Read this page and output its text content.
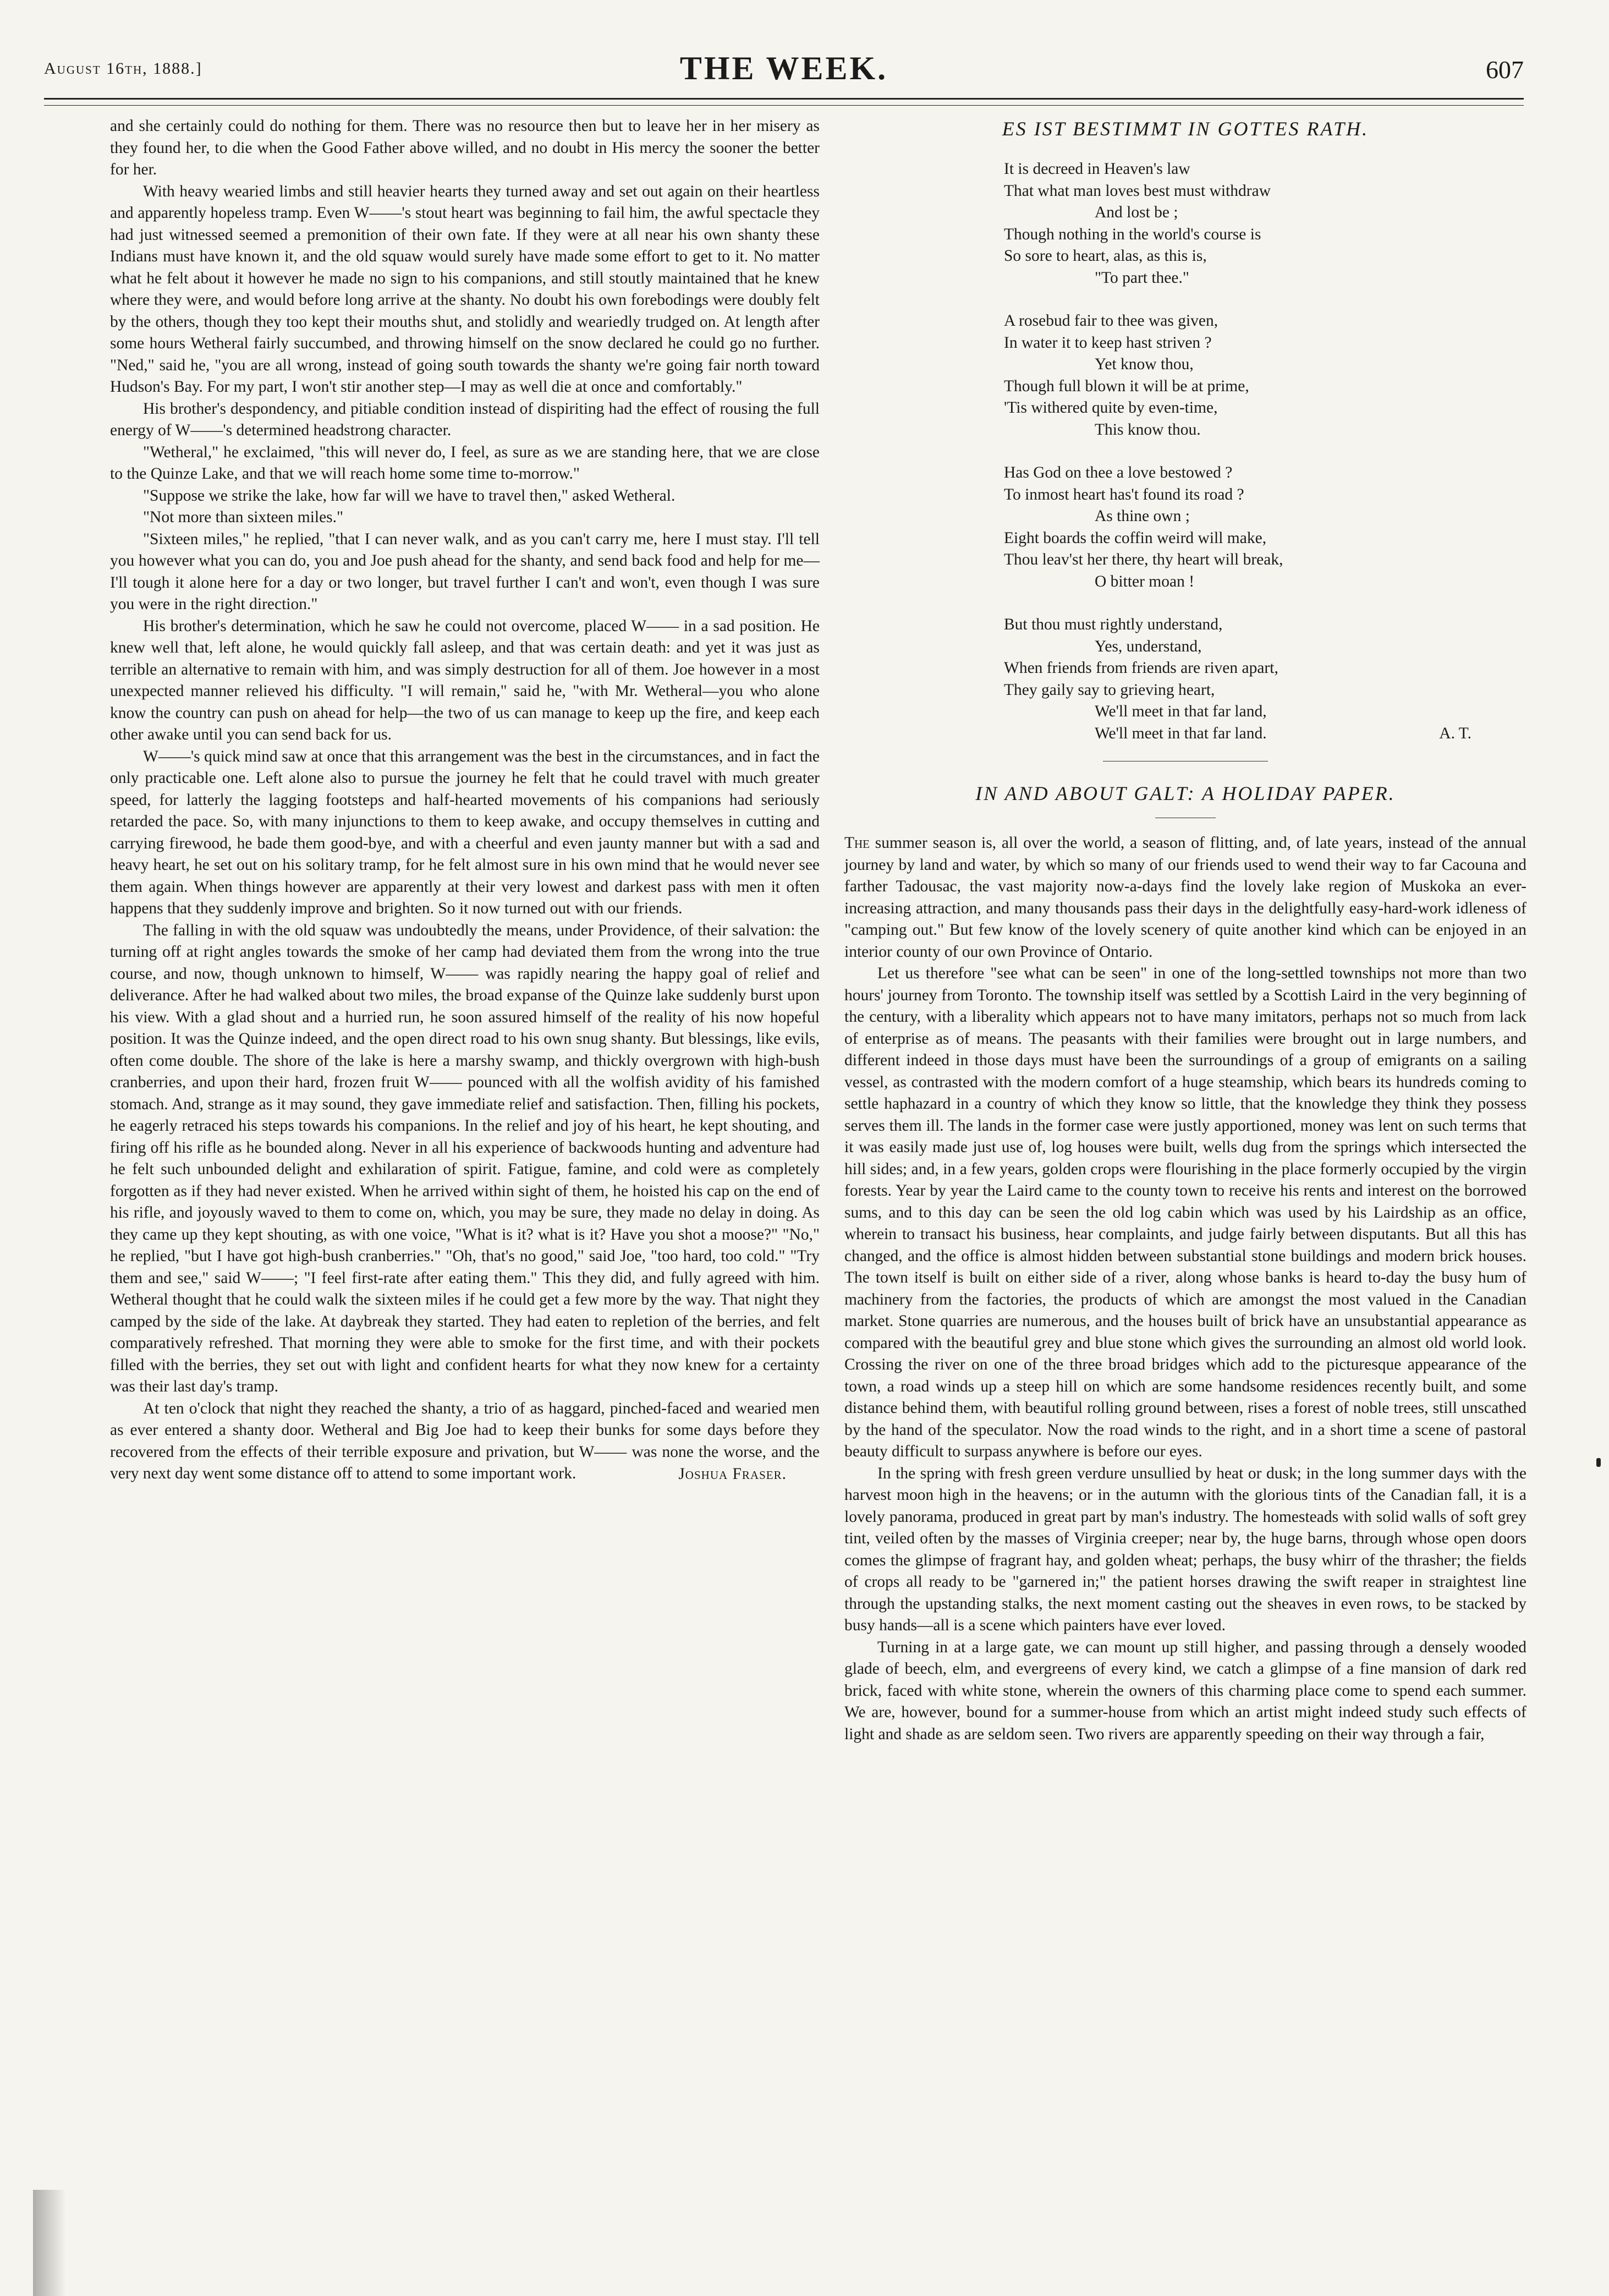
August 16th, 1888.]	THE WEEK.	607

and she certainly could do nothing for them. There was no resource then but to leave her in her misery as they found her, to die when the Good Father above willed, and no doubt in His mercy the sooner the better for her.

With heavy wearied limbs and still heavier hearts they turned away and set out again on their heartless and apparently hopeless tramp. Even W——'s stout heart was beginning to fail him, the awful spectacle they had just witnessed seemed a premonition of their own fate. If they were at all near his own shanty these Indians must have known it, and the old squaw would surely have made some effort to get to it. No matter what he felt about it however he made no sign to his companions, and still stoutly maintained that he knew where they were, and would before long arrive at the shanty. No doubt his own forebodings were doubly felt by the others, though they too kept their mouths shut, and stolidly and weariedly trudged on. At length after some hours Wetheral fairly succumbed, and throwing himself on the snow declared he could go no further. "Ned," said he, "you are all wrong, instead of going south towards the shanty we're going fair north toward Hudson's Bay. For my part, I won't stir another step—I may as well die at once and comfortably."

His brother's despondency, and pitiable condition instead of dispiriting had the effect of rousing the full energy of W——'s determined headstrong character.

"Wetheral," he exclaimed, "this will never do, I feel, as sure as we are standing here, that we are close to the Quinze Lake, and that we will reach home some time to-morrow."

"Suppose we strike the lake, how far will we have to travel then," asked Wetheral.

"Not more than sixteen miles."

"Sixteen miles," he replied, "that I can never walk, and as you can't carry me, here I must stay. I'll tell you however what you can do, you and Joe push ahead for the shanty, and send back food and help for me—I'll tough it alone here for a day or two longer, but travel further I can't and won't, even though I was sure you were in the right direction."

His brother's determination, which he saw he could not overcome, placed W—— in a sad position. He knew well that, left alone, he would quickly fall asleep, and that was certain death: and yet it was just as terrible an alternative to remain with him, and was simply destruction for all of them. Joe however in a most unexpected manner relieved his difficulty. "I will remain," said he, "with Mr. Wetheral—you who alone know the country can push on ahead for help—the two of us can manage to keep up the fire, and keep each other awake until you can send back for us.

W——'s quick mind saw at once that this arrangement was the best in the circumstances, and in fact the only practicable one. Left alone also to pursue the journey he felt that he could travel with much greater speed, for latterly the lagging footsteps and half-hearted movements of his companions had seriously retarded the pace. So, with many injunctions to them to keep awake, and occupy themselves in cutting and carrying firewood, he bade them good-bye, and with a cheerful and even jaunty manner but with a sad and heavy heart, he set out on his solitary tramp, for he felt almost sure in his own mind that he would never see them again. When things however are apparently at their very lowest and darkest pass with men it often happens that they suddenly improve and brighten. So it now turned out with our friends.

The falling in with the old squaw was undoubtedly the means, under Providence, of their salvation: the turning off at right angles towards the smoke of her camp had deviated them from the wrong into the true course, and now, though unknown to himself, W—— was rapidly nearing the happy goal of relief and deliverance. After he had walked about two miles, the broad expanse of the Quinze lake suddenly burst upon his view. With a glad shout and a hurried run, he soon assured himself of the reality of his now hopeful position. It was the Quinze indeed, and the open direct road to his own snug shanty. But blessings, like evils, often come double. The shore of the lake is here a marshy swamp, and thickly overgrown with high-bush cranberries, and upon their hard, frozen fruit W—— pounced with all the wolfish avidity of his famished stomach. And, strange as it may sound, they gave immediate relief and satisfaction. Then, filling his pockets, he eagerly retraced his steps towards his companions. In the relief and joy of his heart, he kept shouting, and firing off his rifle as he bounded along. Never in all his experience of backwoods hunting and adventure had he felt such unbounded delight and exhilaration of spirit. Fatigue, famine, and cold were as completely forgotten as if they had never existed. When he arrived within sight of them, he hoisted his cap on the end of his rifle, and joyously waved to them to come on, which, you may be sure, they made no delay in doing. As they came up they kept shouting, as with one voice, "What is it? what is it? Have you shot a moose?" "No," he replied, "but I have got high-bush cranberries." "Oh, that's no good," said Joe, "too hard, too cold." "Try them and see," said W——; "I feel first-rate after eating them." This they did, and fully agreed with him. Wetheral thought that he could walk the sixteen miles if he could get a few more by the way. That night they camped by the side of the lake. At daybreak they started. They had eaten to repletion of the berries, and felt comparatively refreshed. That morning they were able to smoke for the first time, and with their pockets filled with the berries, they set out with light and confident hearts for what they now knew for a certainty was their last day's tramp.

At ten o'clock that night they reached the shanty, a trio of as haggard, pinched-faced and wearied men as ever entered a shanty door. Wetheral and Big Joe had to keep their bunks for some days before they recovered from the effects of their terrible exposure and privation, but W—— was none the worse, and the very next day went some distance off to attend to some important work.	Joshua Fraser.
ES IST BESTIMMT IN GOTTES RATH.
It is decreed in Heaven's law
That what man loves best must withdraw
And lost be ;
Though nothing in the world's course is
So sore to heart, alas, as this is,
"To part thee."
A rosebud fair to thee was given,
In water it to keep hast striven ?
Yet know thou,
Though full blown it will be at prime,
'Tis withered quite by even-time,
This know thou.
Has God on thee a love bestowed ?
To inmost heart has't found its road ?
As thine own ;
Eight boards the coffin weird will make,
Thou leav'st her there, thy heart will break,
O bitter moan !
But thou must rightly understand,
Yes, understand,
When friends from friends are riven apart,
They gaily say to grieving heart,
We'll meet in that far land,
We'll meet in that far land.	A. T.
IN AND ABOUT GALT: A HOLIDAY PAPER.

The summer season is, all over the world, a season of flitting, and, of late years, instead of the annual journey by land and water, by which so many of our friends used to wend their way to far Cacouna and farther Tadousac, the vast majority now-a-days find the lovely lake region of Muskoka an ever-increasing attraction, and many thousands pass their days in the delightfully easy-hard-work idleness of "camping out." But few know of the lovely scenery of quite another kind which can be enjoyed in an interior county of our own Province of Ontario.

Let us therefore "see what can be seen" in one of the long-settled townships not more than two hours' journey from Toronto. The township itself was settled by a Scottish Laird in the very beginning of the century, with a liberality which appears not to have many imitators, perhaps not so much from lack of enterprise as of means. The peasants with their families were brought out in large numbers, and different indeed in those days must have been the surroundings of a group of emigrants on a sailing vessel, as contrasted with the modern comfort of a huge steamship, which bears its hundreds coming to settle haphazard in a country of which they know so little, that the knowledge they think they possess serves them ill. The lands in the former case were justly apportioned, money was lent on such terms that it was easily made just use of, log houses were built, wells dug from the springs which intersected the hill sides; and, in a few years, golden crops were flourishing in the place formerly occupied by the virgin forests. Year by year the Laird came to the county town to receive his rents and interest on the borrowed sums, and to this day can be seen the old log cabin which was used by his Lairdship as an office, wherein to transact his business, hear complaints, and judge fairly between disputants. But all this has changed, and the office is almost hidden between substantial stone buildings and modern brick houses. The town itself is built on either side of a river, along whose banks is heard to-day the busy hum of machinery from the factories, the products of which are amongst the most valued in the Canadian market. Stone quarries are numerous, and the houses built of brick have an unsubstantial appearance as compared with the beautiful grey and blue stone which gives the surrounding an almost old world look. Crossing the river on one of the three broad bridges which add to the picturesque appearance of the town, a road winds up a steep hill on which are some handsome residences recently built, and some distance behind them, with beautiful rolling ground between, rises a forest of noble trees, still unscathed by the hand of the speculator. Now the road winds to the right, and in a short time a scene of pastoral beauty difficult to surpass anywhere is before our eyes.

In the spring with fresh green verdure unsullied by heat or dusk; in the long summer days with the harvest moon high in the heavens; or in the autumn with the glorious tints of the Canadian fall, it is a lovely panorama, produced in great part by man's industry. The homesteads with solid walls of soft grey tint, veiled often by the masses of Virginia creeper; near by, the huge barns, through whose open doors comes the glimpse of fragrant hay, and golden wheat; perhaps, the busy whirr of the thrasher; the fields of crops all ready to be "garnered in;" the patient horses drawing the swift reaper in straightest line through the upstanding stalks, the next moment casting out the sheaves in even rows, to be stacked by busy hands—all is a scene which painters have ever loved.

Turning in at a large gate, we can mount up still higher, and passing through a densely wooded glade of beech, elm, and evergreens of every kind, we catch a glimpse of a fine mansion of dark red brick, faced with white stone, wherein the owners of this charming place come to spend each summer. We are, however, bound for a summer-house from which an artist might indeed study such effects of light and shade as are seldom seen. Two rivers are apparently speeding on their way through a fair,
